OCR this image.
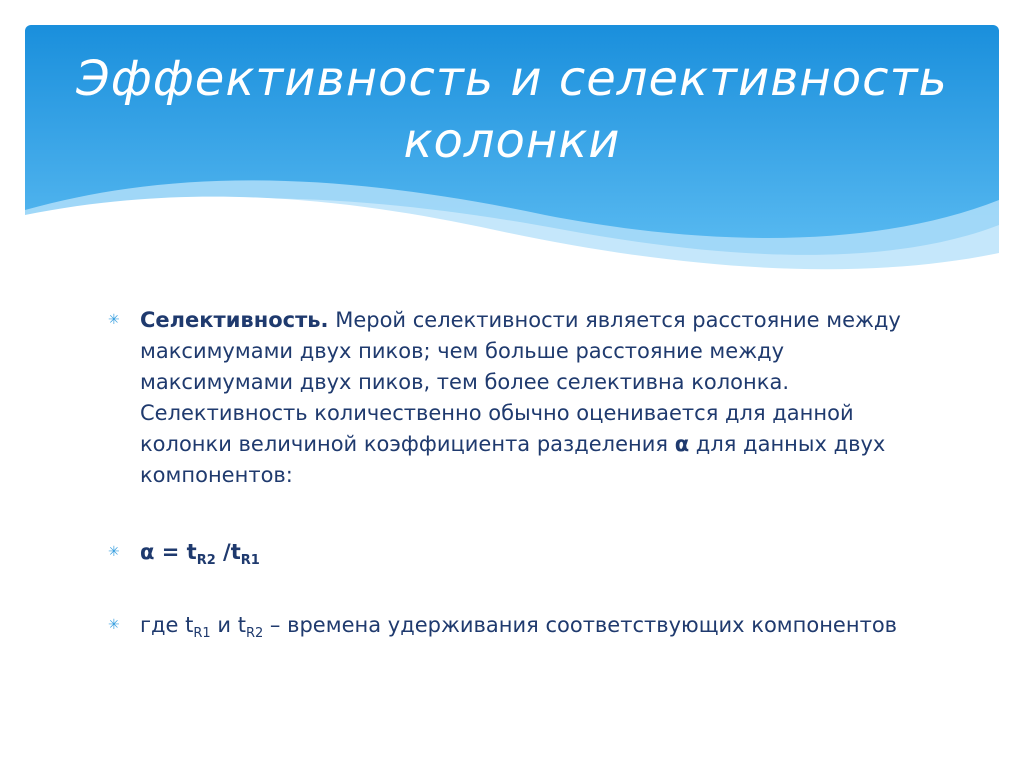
Эффективность и селективность
колонки
✳ Селективность. Мерой селективности является расстояние между максимумами двух пиков; чем больше расстояние между максимумами двух пиков, тем более селективна колонка. Селективность количественно обычно оценивается для данной колонки величиной коэффициента разделения α для данных двух компонентов:
✳ $\alpha = t_{R2}$ $/t_{R1}$
✳ где $t_{R1}$ и $t_{R2}$ – времена удерживания соответствующих компонентов
